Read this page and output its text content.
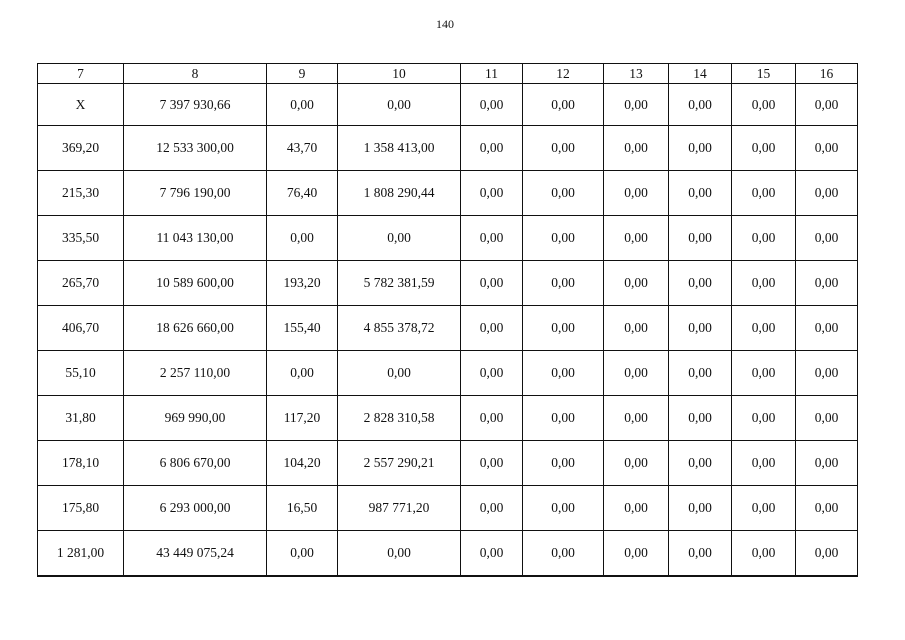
140
7	8	9	10	11	12	13	14	15	16
X	7 397 930,66	0,00	0,00	0,00	0,00	0,00	0,00	0,00	0,00
369,20	12 533 300,00	43,70	1 358 413,00	0,00	0,00	0,00	0,00	0,00	0,00
215,30	7 796 190,00	76,40	1 808 290,44	0,00	0,00	0,00	0,00	0,00	0,00
335,50	11 043 130,00	0,00	0,00	0,00	0,00	0,00	0,00	0,00	0,00
265,70	10 589 600,00	193,20	5 782 381,59	0,00	0,00	0,00	0,00	0,00	0,00
406,70	18 626 660,00	155,40	4 855 378,72	0,00	0,00	0,00	0,00	0,00	0,00
55,10	2 257 110,00	0,00	0,00	0,00	0,00	0,00	0,00	0,00	0,00
31,80	969 990,00	117,20	2 828 310,58	0,00	0,00	0,00	0,00	0,00	0,00
178,10	6 806 670,00	104,20	2 557 290,21	0,00	0,00	0,00	0,00	0,00	0,00
175,80	6 293 000,00	16,50	987 771,20	0,00	0,00	0,00	0,00	0,00	0,00
1 281,00	43 449 075,24	0,00	0,00	0,00	0,00	0,00	0,00	0,00	0,00
